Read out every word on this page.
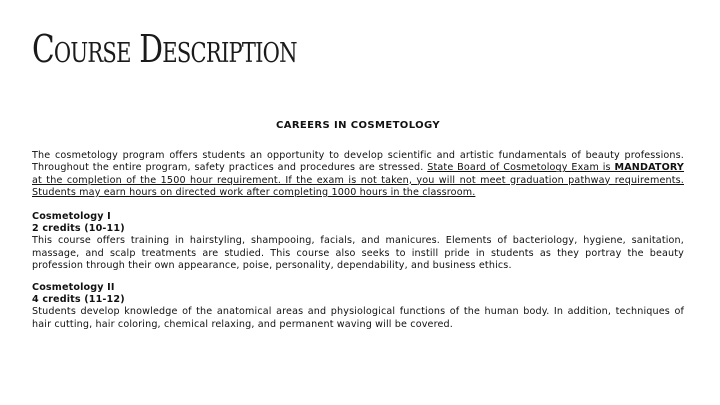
Course Description
CAREERS IN COSMETOLOGY

The cosmetology program offers students an opportunity to develop scientific and artistic fundamentals of beauty professions. Throughout the entire program, safety practices and procedures are stressed. State Board of Cosmetology Exam is MANDATORY at the completion of the 1500 hour requirement. If the exam is not taken, you will not meet graduation pathway requirements. Students may earn hours on directed work after completing 1000 hours in the classroom.

Cosmetology I
2 credits (10-11)

This course offers training in hairstyling, shampooing, facials, and manicures. Elements of bacteriology, hygiene, sanitation, massage, and scalp treatments are studied. This course also seeks to instill pride in students as they portray the beauty profession through their own appearance, poise, personality, dependability, and business ethics.

Cosmetology II
4 credits (11-12)

Students develop knowledge of the anatomical areas and physiological functions of the human body. In addition, techniques of hair cutting, hair coloring, chemical relaxing, and permanent waving will be covered.
